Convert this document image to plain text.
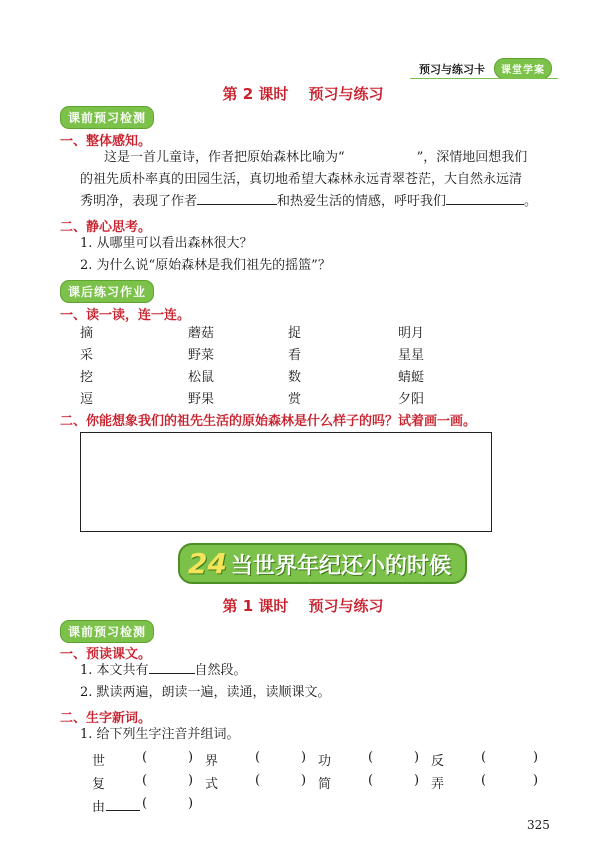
预习与练习卡	课堂学案
第 2 课时 预习与练习
课前预习检测
一、整体感知。
这是一首儿童诗，作者把原始森林比喻为“	”，深情地回想我们
的祖先质朴率真的田园生活，真切地希望大森林永远青翠苍茫，大自然永远清
秀明净，表现了作者	和热爱生活的情感，呼吁我们	。
二、静心思考。
1. 从哪里可以看出森林很大？
2. 为什么说“原始森林是我们祖先的摇篮”？
课后练习作业
一、读一读，连一连。
摘	蘑菇	捉	明月
采	野菜	看	星星
挖	松鼠	数	蜻蜓
逗	野果	赏	夕阳
二、你能想象我们的祖先生活的原始森林是什么样子的吗？试着画一画。
24 当世界年纪还小的时候
第 1 课时 预习与练习
课前预习检测
一、预读课文。
1. 本文共有	自然段。
2. 默读两遍，朗读一遍，读通，读顺课文。
二、生字新词。
1. 给下列生字注音并组词。
世	(	) 界	(	) 功	(	) 反	(	)
复	(	) 式	(	) 简	(	) 弄	(	)
由	(	)
325
